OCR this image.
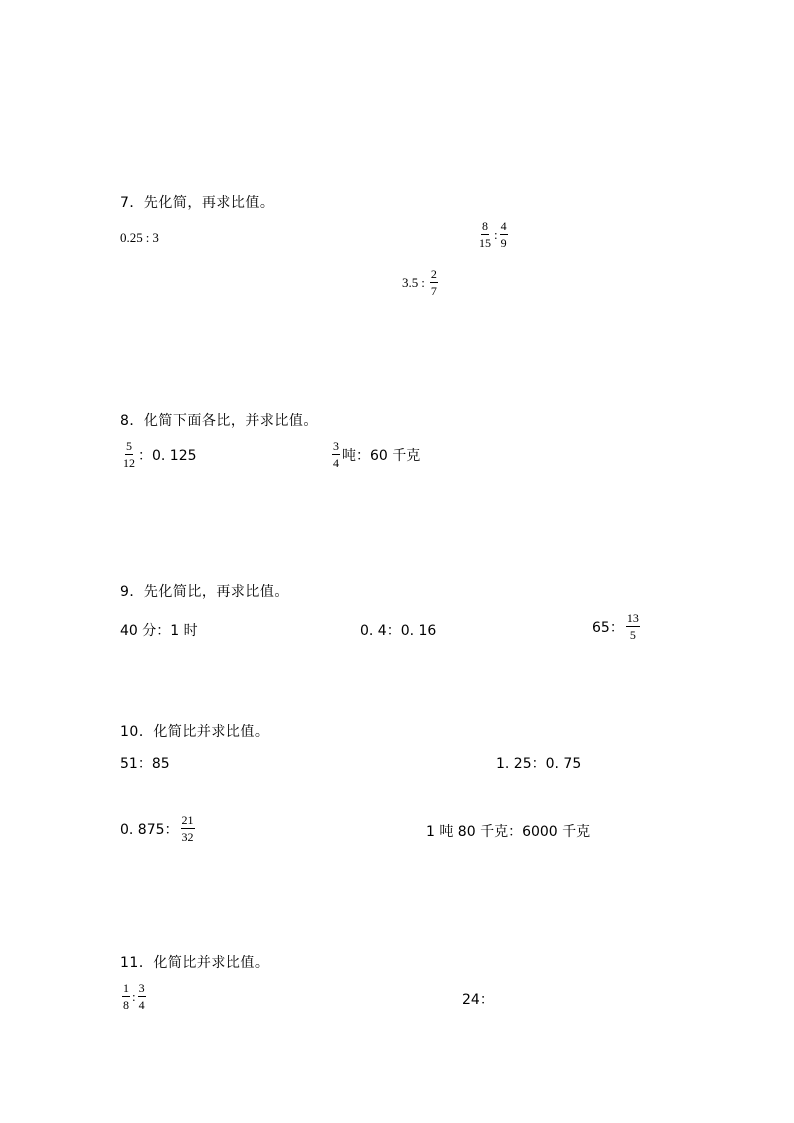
7．先化简，再求比值。
0.25 : 3	$\frac{8}{15}$ : $\frac{4}{9}$
3.5 : $\frac{2}{7}$
8．化简下面各比，并求比值。
$\frac{5}{12}$ ：0. 125	$\frac{3}{4}$ 吨：60 千克
9．先化简比，再求比值。
40 分：1 时	0. 4：0. 16	65： $\frac{13}{5}$
10．化简比并求比值。
51：85	1. 25：0. 75
0. 875： $\frac{21}{32}$	1 吨 80 千克：6000 千克
11．化简比并求比值。
$\frac{1}{8}$ : $\frac{3}{4}$	24：
